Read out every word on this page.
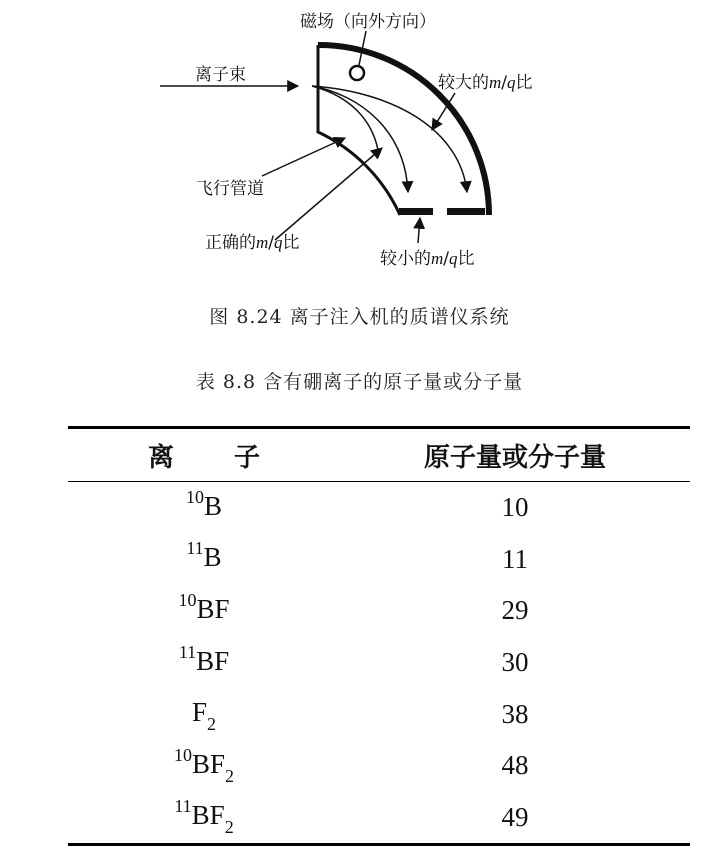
磁场（向外方向）
离子束	较大的m/q比
飞行管道
正确的m/q比
较小的m/q比
图 8.24 离子注入机的质谱仪系统
表 8.8 含有硼离子的原子量或分子量
离子	原子量或分子量
$^{10}$B	10
$^{11}$B	11
$^{10}$BF	29
$^{11}$BF	30
$F_2$	38
$^{10}BF_2$	48
$^{11}BF_2$	49
